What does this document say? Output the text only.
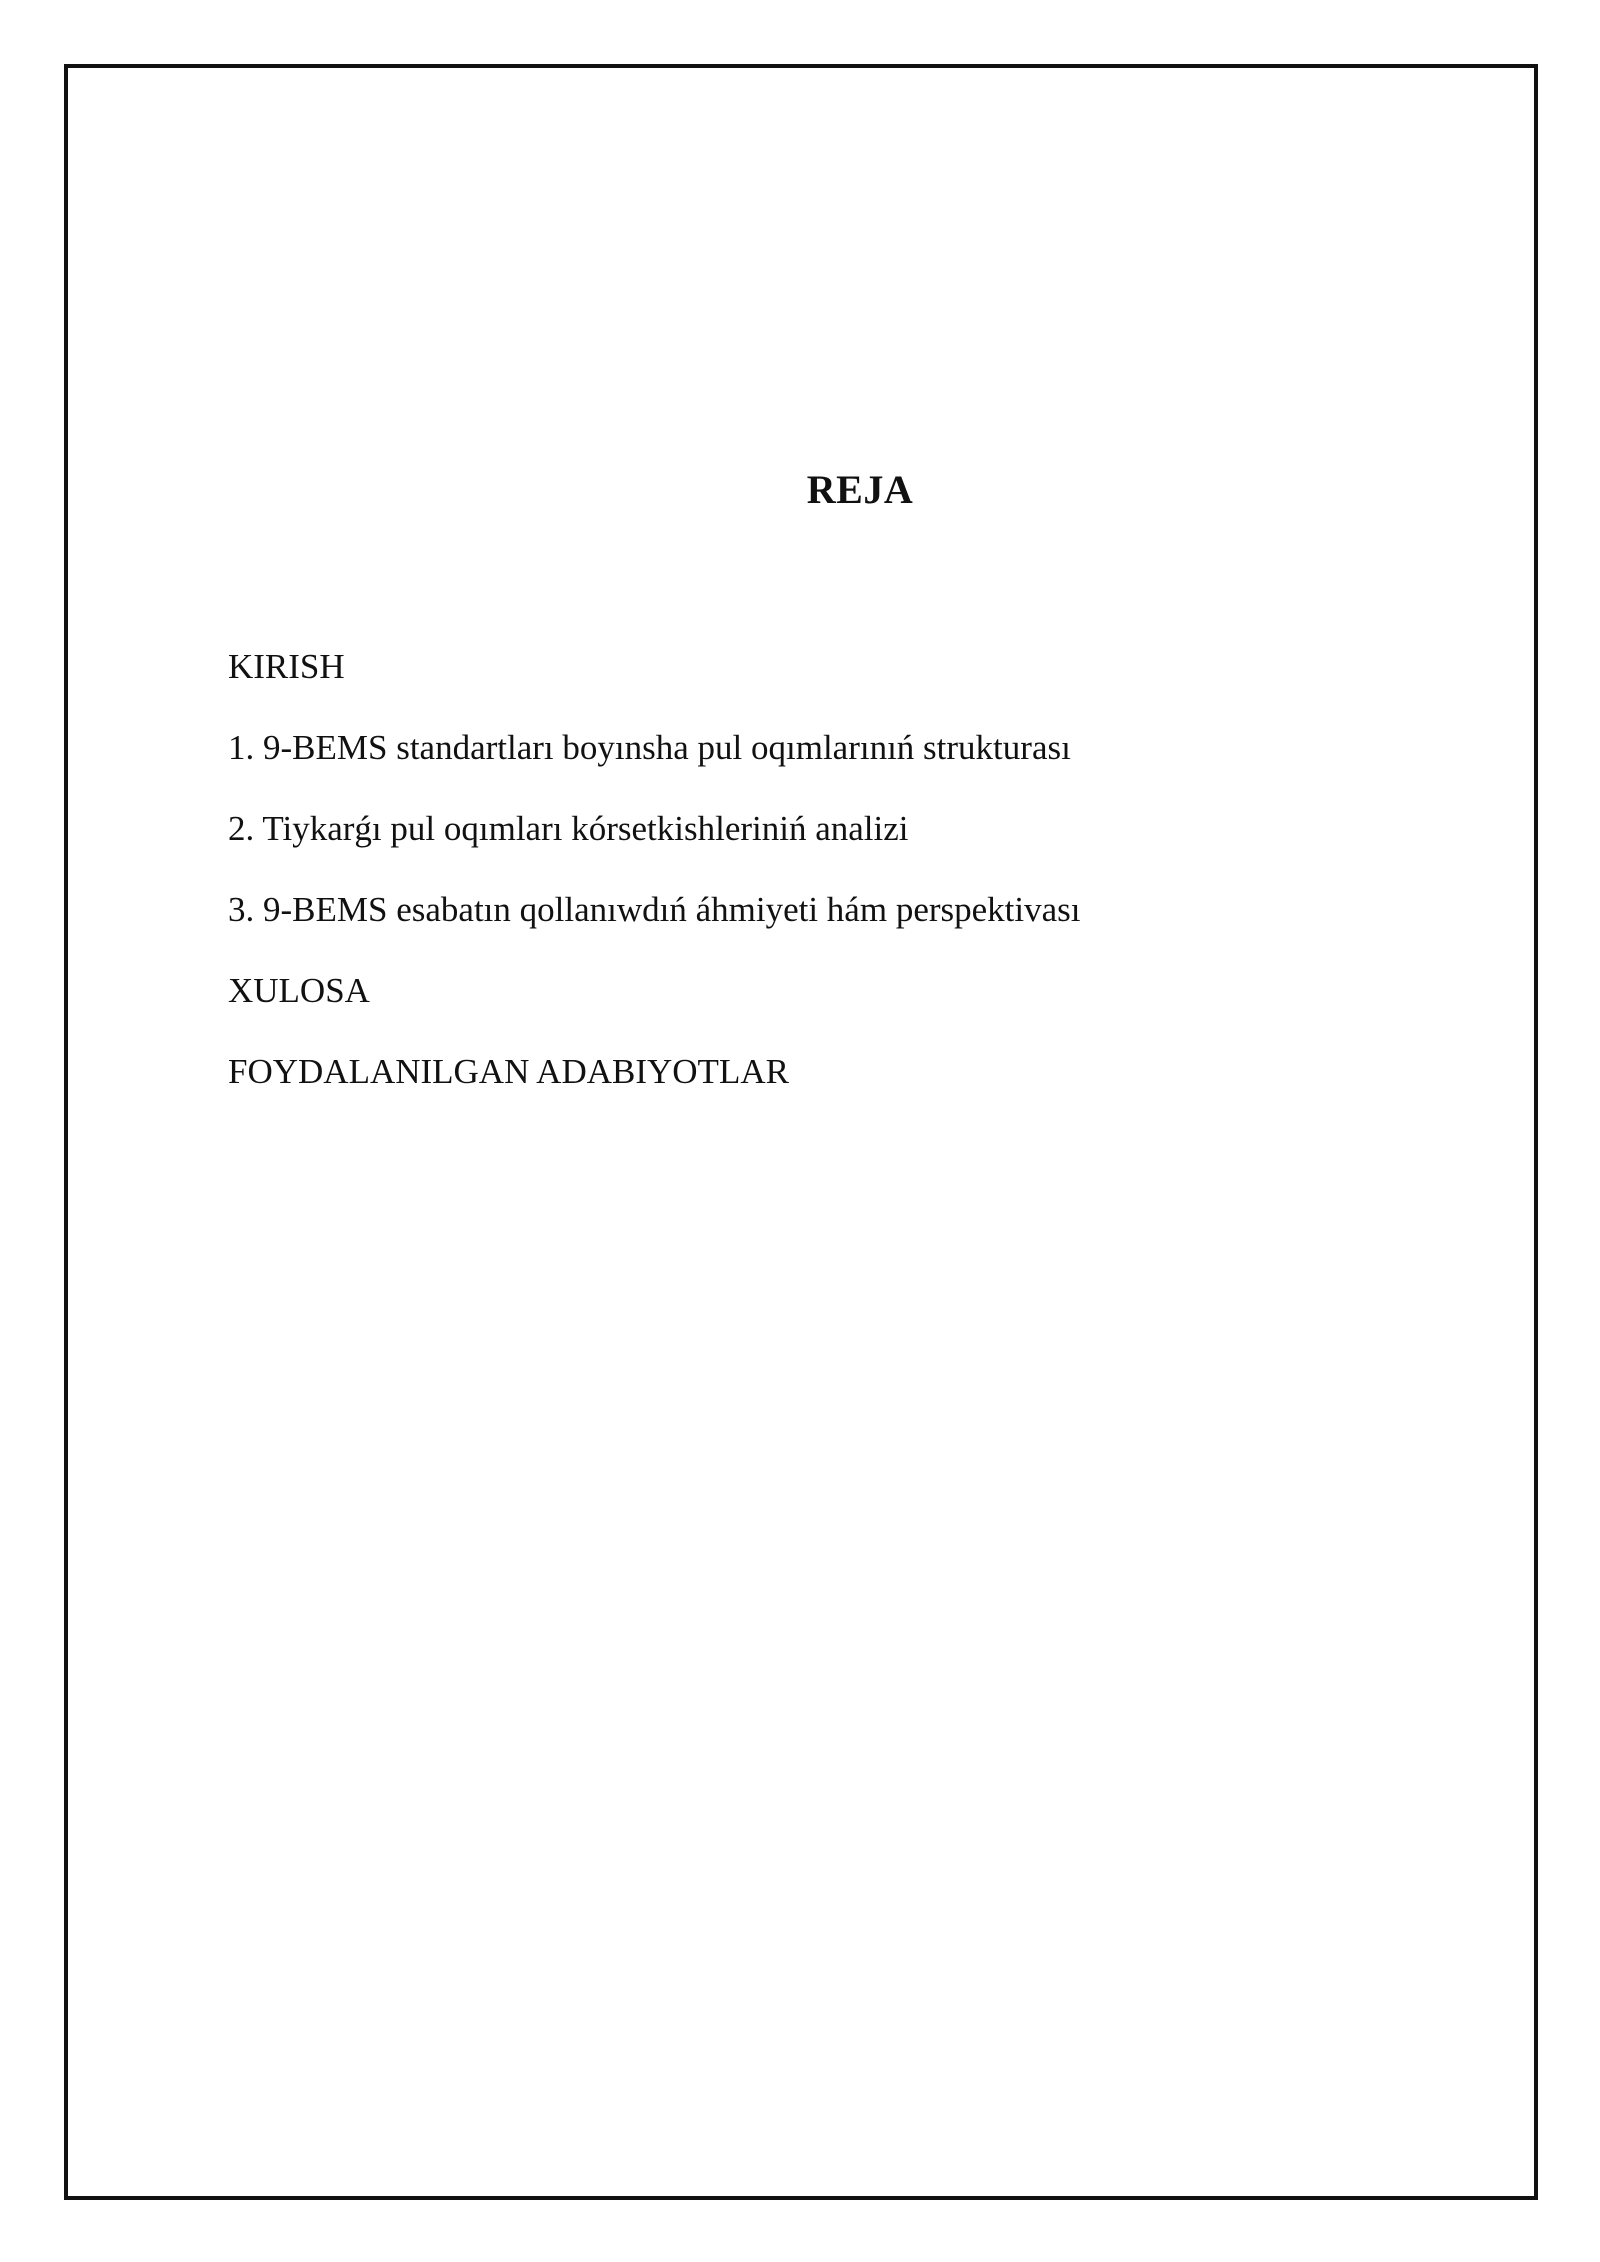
REJA
KIRISH
1. 9-BEMS standartları boyınsha pul oqımlarınıń strukturası
2. Tiykarǵı pul oqımları kórsetkishleriniń analizi
3. 9-BEMS esabatın qollanıwdıń áhmiyeti hám perspektivası
XULOSA
FOYDALANILGAN ADABIYOTLAR
